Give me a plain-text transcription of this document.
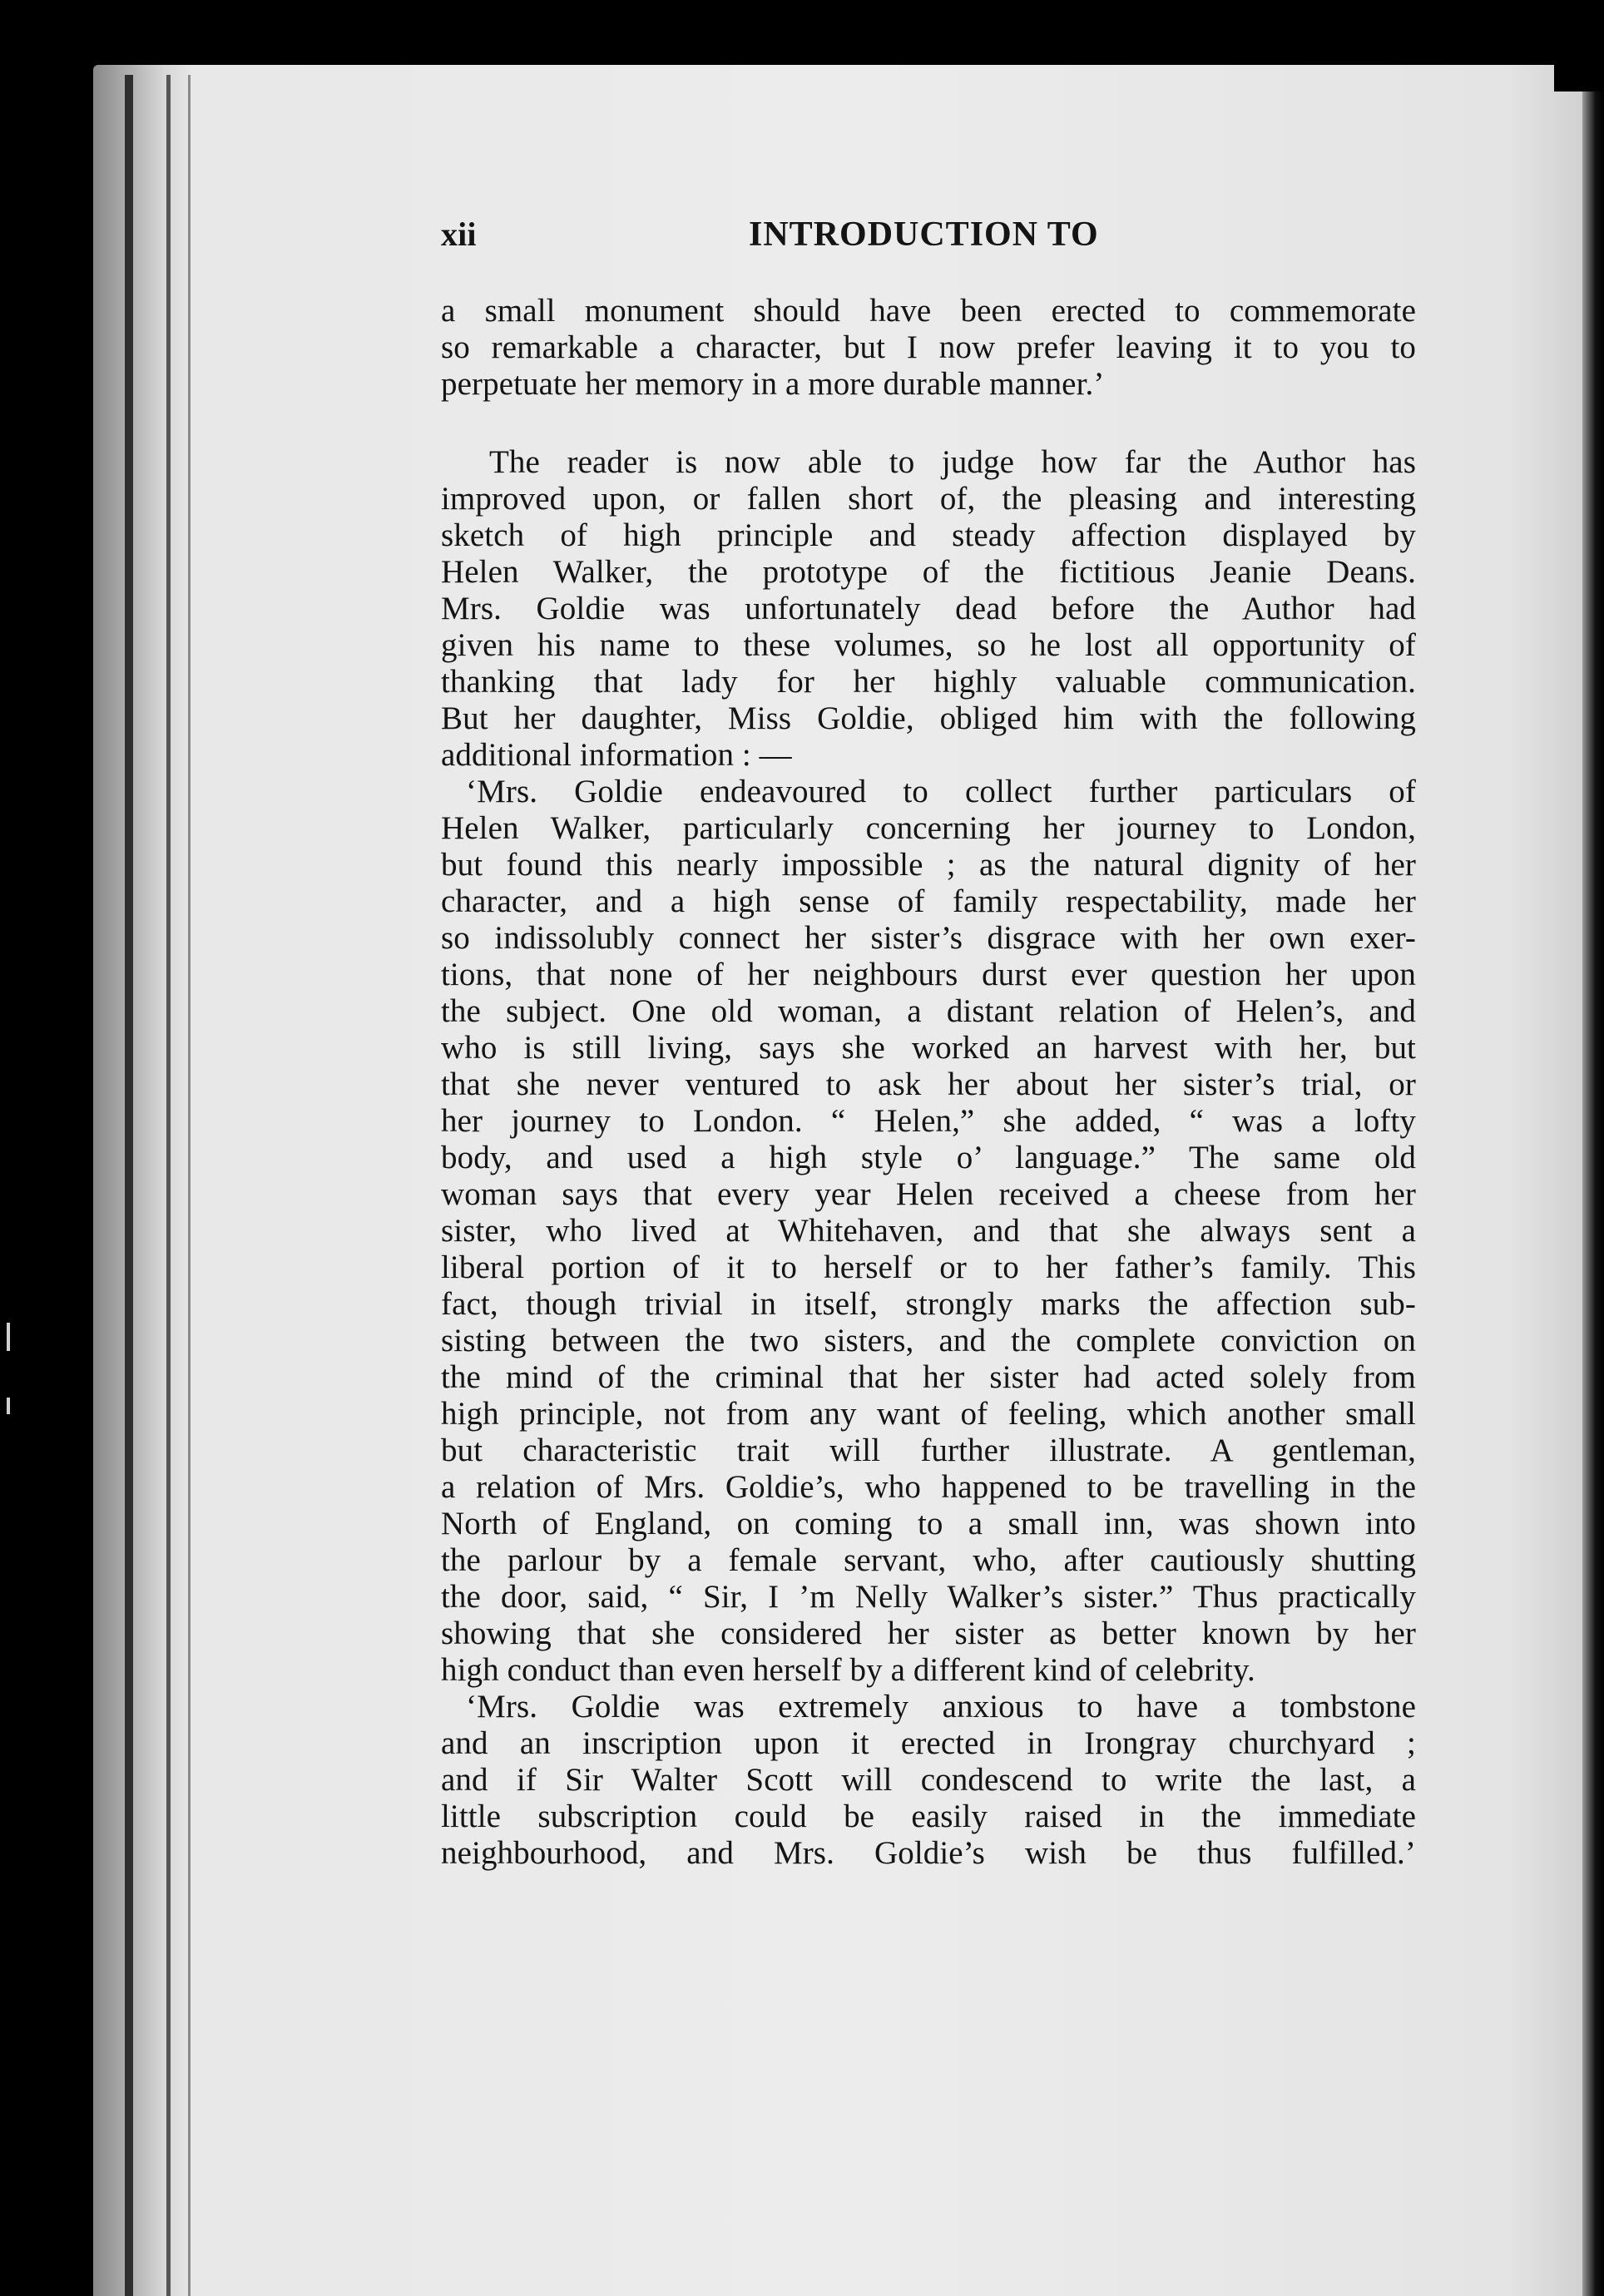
xii	INTRODUCTION TO
a small monument should have been erected to commemorate
so remarkable a character, but I now prefer leaving it to you to
perpetuate her memory in a more durable manner.’
The reader is now able to judge how far the Author has
improved upon, or fallen short of, the pleasing and interesting
sketch of high principle and steady affection displayed by
Helen Walker, the prototype of the fictitious Jeanie Deans.
Mrs. Goldie was unfortunately dead before the Author had
given his name to these volumes, so he lost all opportunity of
thanking that lady for her highly valuable communication.
But her daughter, Miss Goldie, obliged him with the following
additional information : —
‘Mrs. Goldie endeavoured to collect further particulars of
Helen Walker, particularly concerning her journey to London,
but found this nearly impossible ; as the natural dignity of her
character, and a high sense of family respectability, made her
so indissolubly connect her sister’s disgrace with her own exer-
tions, that none of her neighbours durst ever question her upon
the subject. One old woman, a distant relation of Helen’s, and
who is still living, says she worked an harvest with her, but
that she never ventured to ask her about her sister’s trial, or
her journey to London. “ Helen,” she added, “ was a lofty
body, and used a high style o’ language.” The same old
woman says that every year Helen received a cheese from her
sister, who lived at Whitehaven, and that she always sent a
liberal portion of it to herself or to her father’s family. This
fact, though trivial in itself, strongly marks the affection sub-
sisting between the two sisters, and the complete conviction on
the mind of the criminal that her sister had acted solely from
high principle, not from any want of feeling, which another small
but characteristic trait will further illustrate. A gentleman,
a relation of Mrs. Goldie’s, who happened to be travelling in the
North of England, on coming to a small inn, was shown into
the parlour by a female servant, who, after cautiously shutting
the door, said, “ Sir, I ’m Nelly Walker’s sister.” Thus practically
showing that she considered her sister as better known by her
high conduct than even herself by a different kind of celebrity.
‘Mrs. Goldie was extremely anxious to have a tombstone
and an inscription upon it erected in Irongray churchyard ;
and if Sir Walter Scott will condescend to write the last, a
little subscription could be easily raised in the immediate
neighbourhood, and Mrs. Goldie’s wish be thus fulfilled.’
